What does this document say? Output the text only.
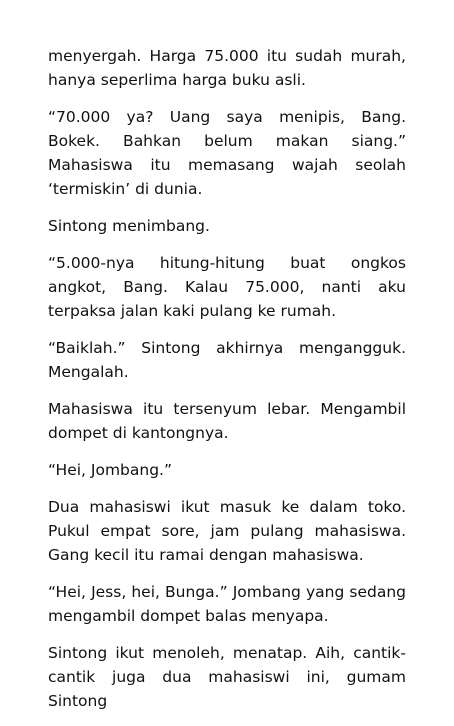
menyergah. Harga 75.000 itu sudah murah, hanya seperlima harga buku asli.

“70.000 ya? Uang saya menipis, Bang. Bokek. Bahkan belum makan siang.” Mahasiswa itu memasang wajah seolah ‘termiskin’ di dunia.

Sintong menimbang.

“5.000-nya hitung-hitung buat ongkos angkot, Bang. Kalau 75.000, nanti aku terpaksa jalan kaki pulang ke rumah.

“Baiklah.” Sintong akhirnya mengangguk. Mengalah.

Mahasiswa itu tersenyum lebar. Mengambil dompet di kantongnya.

“Hei, Jombang.”

Dua mahasiswi ikut masuk ke dalam toko. Pukul empat sore, jam pulang mahasiswa. Gang kecil itu ramai dengan mahasiswa.

“Hei, Jess, hei, Bunga.” Jombang yang sedang mengambil dompet balas menyapa.

Sintong ikut menoleh, menatap. Aih, cantik-cantik juga dua mahasiswi ini, gumam Sintong
